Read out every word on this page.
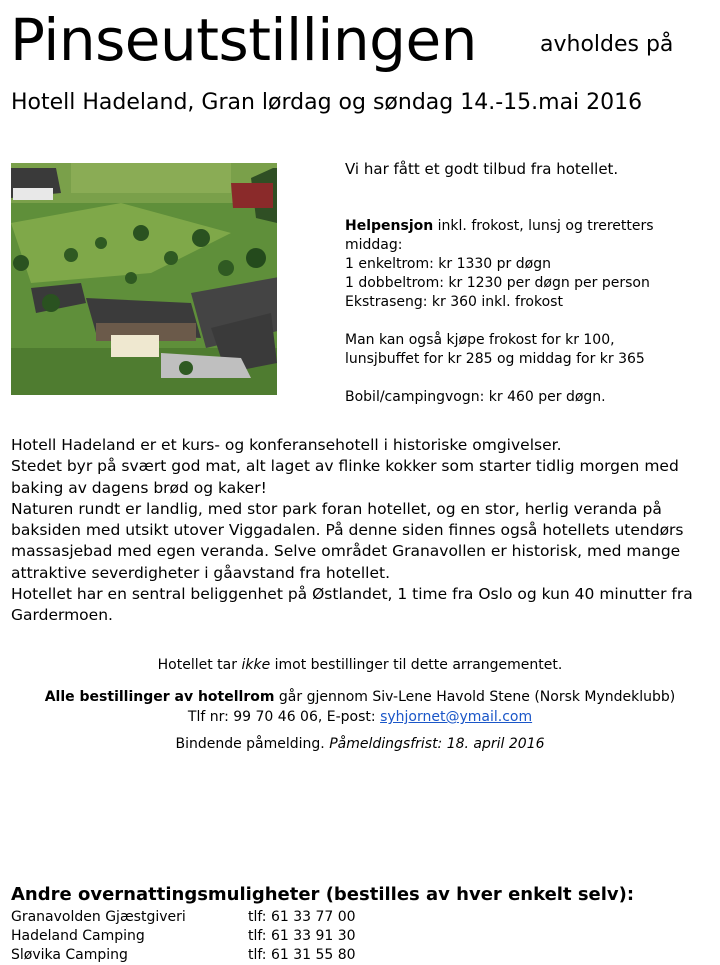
Pinseutstillingen	avholdes på
Hotell Hadeland, Gran lørdag og søndag 14.-15.mai 2016

Vi har fått et godt tilbud fra hotellet.

Helpensjon inkl. frokost, lunsj og treretters middag:

1 enkeltrom: kr 1330 pr døgn

1 dobbeltrom: kr 1230 per døgn per person

Ekstraseng: kr 360 inkl. frokost

Man kan også kjøpe frokost for kr 100,

lunsjbuffet for kr 285 og middag for kr 365

Bobil/campingvogn: kr 460 per døgn.

Hotell Hadeland er et kurs- og konferansehotell i historiske omgivelser.

Stedet byr på svært god mat, alt laget av flinke kokker som starter tidlig morgen med baking av dagens brød og kaker!

Naturen rundt er landlig, med stor park foran hotellet, og en stor, herlig veranda på baksiden med utsikt utover Viggadalen. På denne siden finnes også hotellets utendørs massasjebad med egen veranda. Selve området Granavollen er historisk, med mange attraktive severdigheter i gåavstand fra hotellet.

Hotellet har en sentral beliggenhet på Østlandet, 1 time fra Oslo og kun 40 minutter fra Gardermoen.

Hotellet tar ikke imot bestillinger til dette arrangementet.
Alle bestillinger av hotellrom går gjennom Siv-Lene Havold Stene (Norsk Myndeklubb)
Tlf nr: 99 70 46 06, E-post: syhjornet@ymail.com
Bindende påmelding. Påmeldingsfrist: 18. april 2016
Andre overnattingsmuligheter (bestilles av hver enkelt selv):
Granavolden Gjæstgiveri	tlf: 61 33 77 00
Hadeland Camping	tlf: 61 33 91 30
Sløvika Camping	tlf: 61 31 55 80
